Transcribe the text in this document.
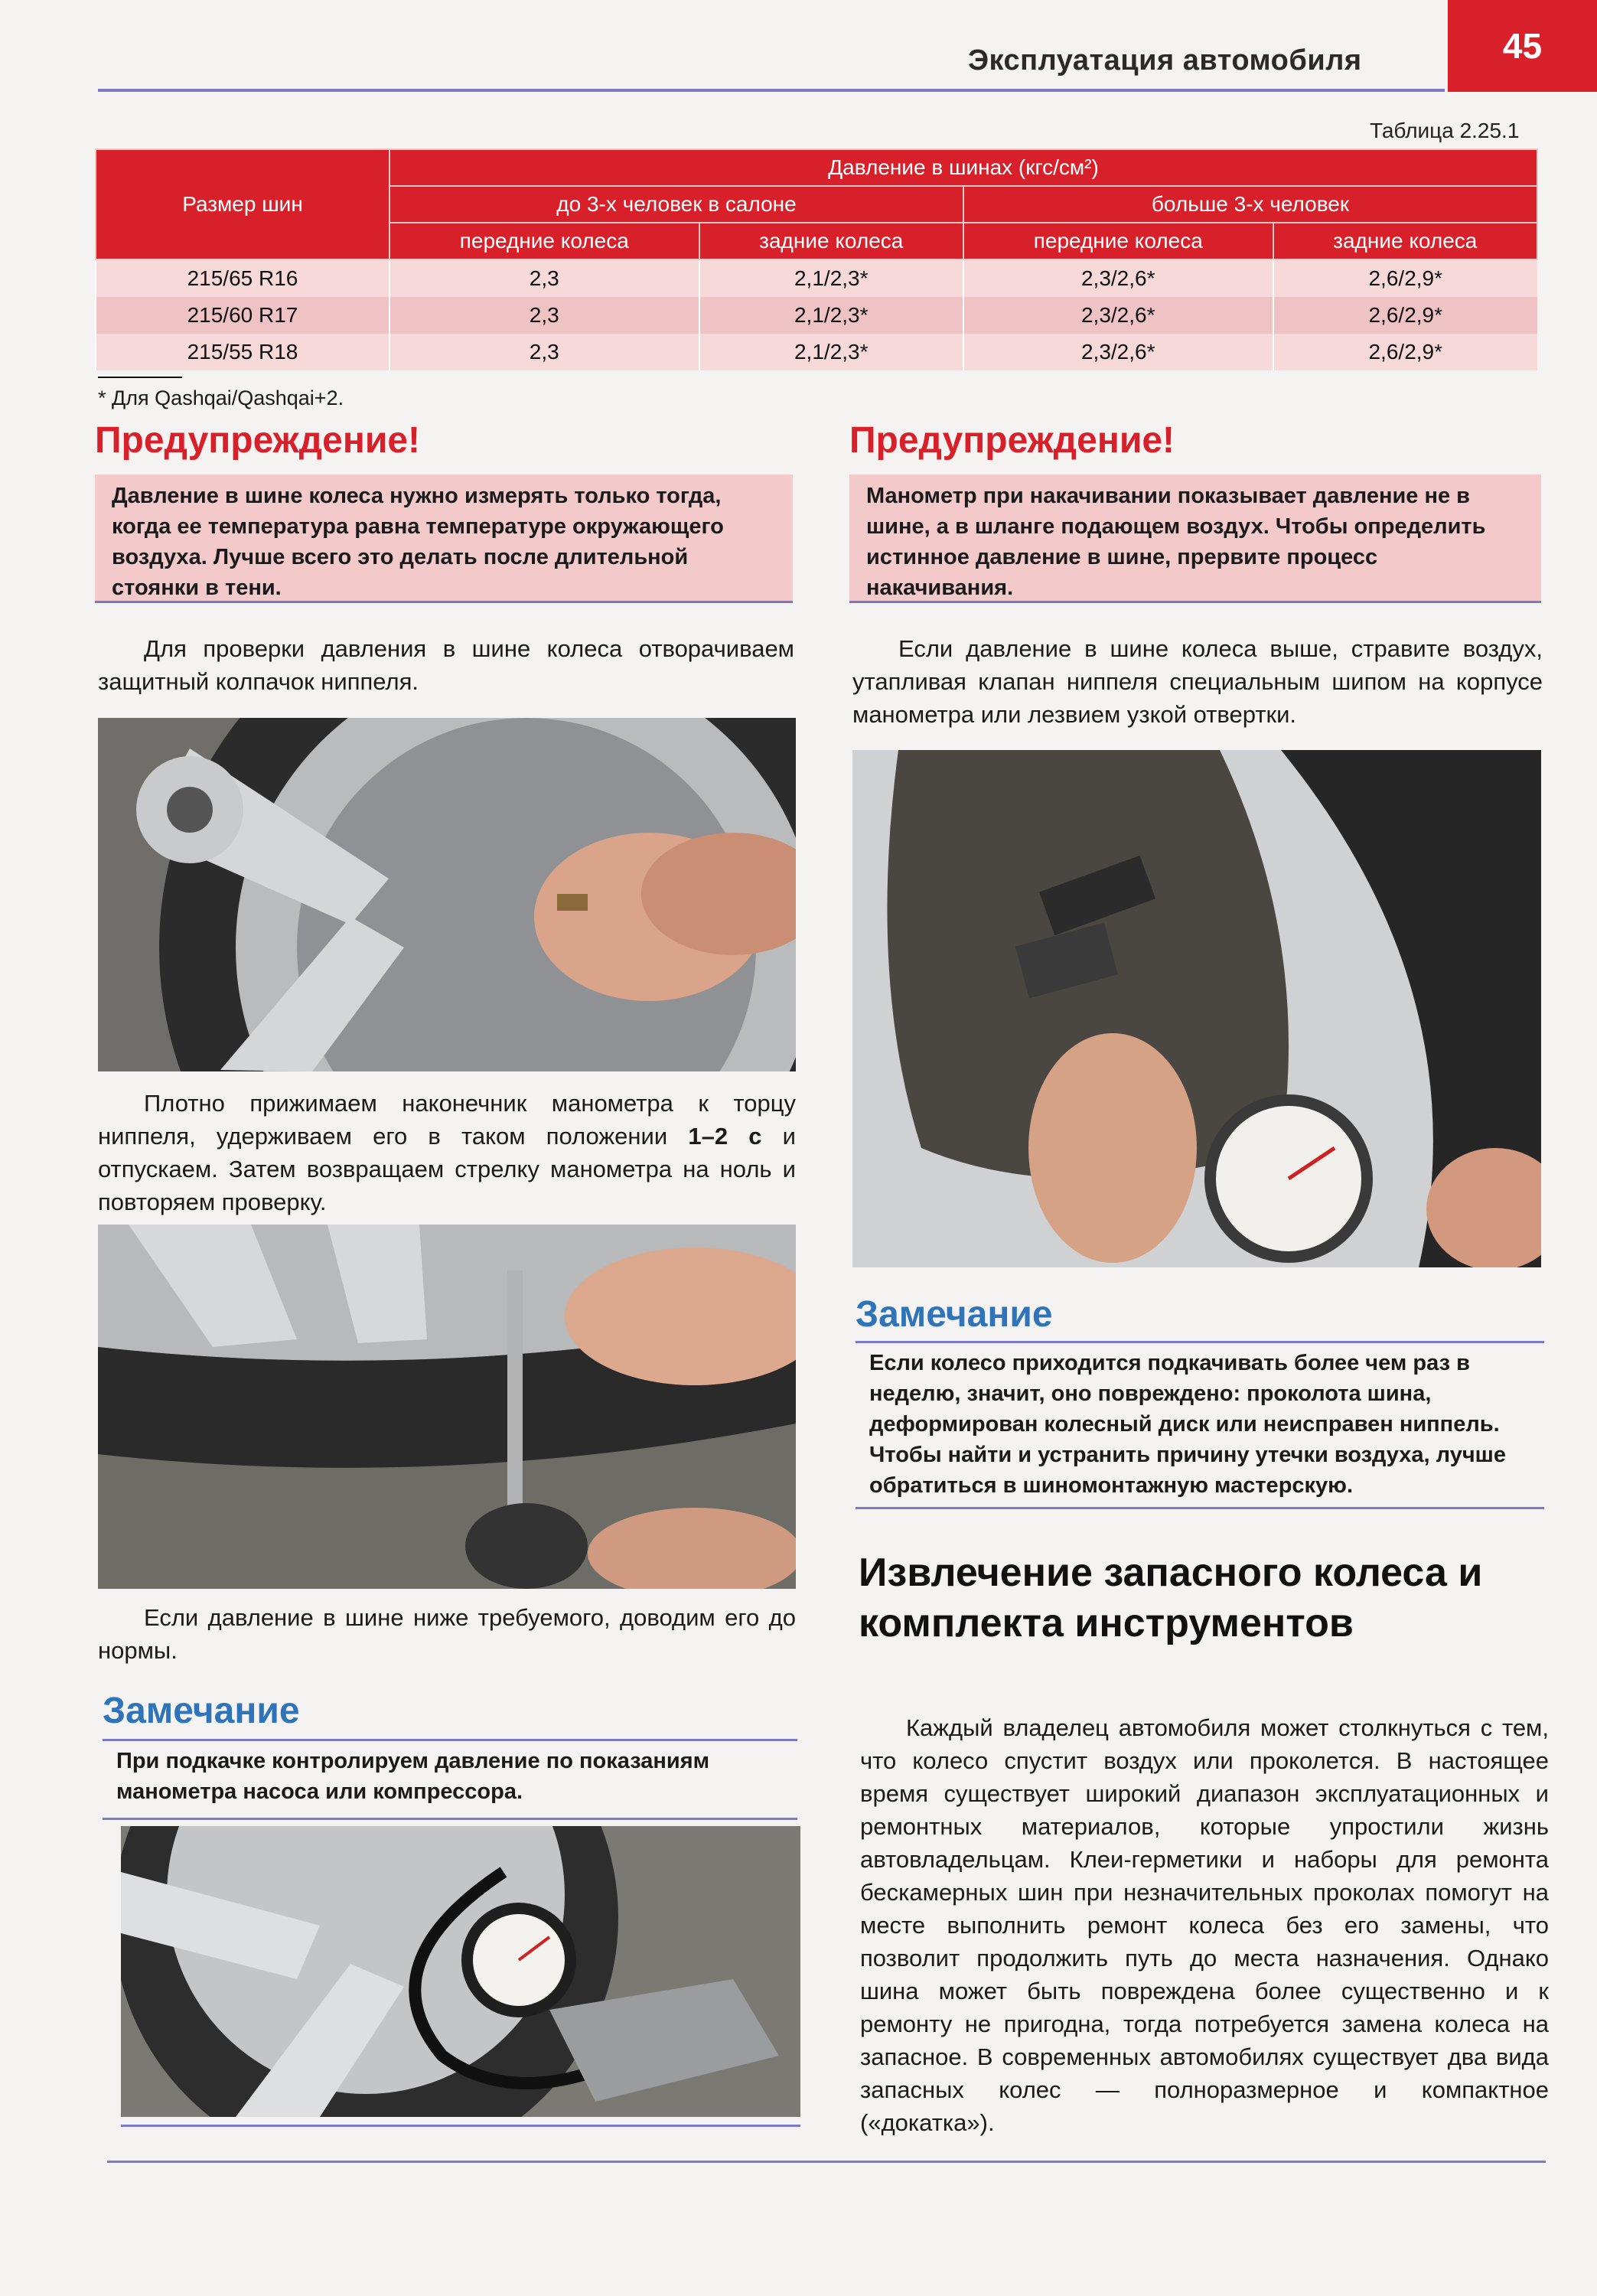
Эксплуатация автомобиля	45
Таблица 2.25.1
Размер шин	Давление в шинах (кгс/см²)			
	до 3-х человек в салоне		больше 3-х человек	
	передние колеса	задние колеса	передние колеса	задние колеса
215/65 R16	2,3	2,1/2,3*	2,3/2,6*	2,6/2,9*
215/60 R17	2,3	2,1/2,3*	2,3/2,6*	2,6/2,9*
215/55 R18	2,3	2,1/2,3*	2,3/2,6*	2,6/2,9*
* Для Qashqai/Qashqai+2.
Предупреждение!
Давление в шине колеса нужно измерять только тогда, когда ее температура равна температуре окружающего воздуха. Лучше всего это делать после длительной стоянки в тени.
Для проверки давления в шине колеса отворачиваем защитный колпачок ниппеля.
Плотно прижимаем наконечник манометра к торцу ниппеля, удерживаем его в таком положении 1–2 с и отпускаем. Затем возвращаем стрелку манометра на ноль и повторяем проверку.
Если давление в шине ниже требуемого, доводим его до нормы.
Замечание
При подкачке контролируем давление по показаниям манометра насоса или компрессора.
Предупреждение!
Манометр при накачивании показывает давление не в шине, а в шланге подающем воздух. Чтобы определить истинное давление в шине, прервите процесс накачивания.
Если давление в шине колеса выше, стравите воздух, утапливая клапан ниппеля специальным шипом на корпусе манометра или лезвием узкой отвертки.
Замечание
Если колесо приходится подкачивать более чем раз в неделю, значит, оно повреждено: проколота шина, деформирован колесный диск или неисправен ниппель. Чтобы найти и устранить причину утечки воздуха, лучше обратиться в шиномонтажную мастерскую.
Извлечение запасного колеса и комплекта инструментов
Каждый владелец автомобиля может столкнуться с тем, что колесо спустит воздух или проколется. В настоящее время существует широкий диапазон эксплуатационных и ремонтных материалов, которые упростили жизнь автовладельцам. Клеи-герметики и наборы для ремонта бескамерных шин при незначительных проколах помогут на месте выполнить ремонт колеса без его замены, что позволит продолжить путь до места назначения. Однако шина может быть повреждена более существенно и к ремонту не пригодна, тогда потребуется замена колеса на запасное. В современных автомобилях существует два вида запасных колес — полноразмерное и компактное («докатка»).
